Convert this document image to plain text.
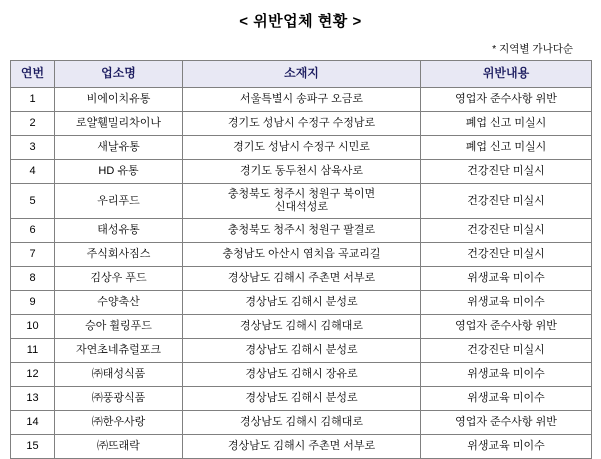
< 위반업체 현황 >
* 지역별 가나다순
연번	업소명	소재지	위반내용
1	비에이치유통	서울특별시 송파구 오금로	영업자 준수사항 위반
2	로얄휄밀리차이나	경기도 성남시 수정구 수정남로	폐업 신고 미실시
3	새날유통	경기도 성남시 수정구 시민로	폐업 신고 미실시
4	HD 유통	경기도 동두천시 삼육사로	건강진단 미실시
5	우리푸드	충청북도 청주시 청원구 북이면
신대석성로	건강진단 미실시
6	태성유통	충청북도 청주시 청원구 팔결로	건강진단 미실시
7	주식회사짐스	충청남도 아산시 염치읍 곡교리길	건강진단 미실시
8	김상우 푸드	경상남도 김해시 주촌면 서부로	위생교육 미이수
9	수양축산	경상남도 김해시 분성로	위생교육 미이수
10	승아 휠링푸드	경상남도 김해시 김해대로	영업자 준수사항 위반
11	자연초네츄럴포크	경상남도 김해시 분성로	건강진단 미실시
12	㈜태성식품	경상남도 김해시 장유로	위생교육 미이수
13	㈜풍광식품	경상남도 김해시 분성로	위생교육 미이수
14	㈜한우사랑	경상남도 김해시 김해대로	영업자 준수사항 위반
15	㈜뜨래락	경상남도 김해시 주촌면 서부로	위생교육 미이수
